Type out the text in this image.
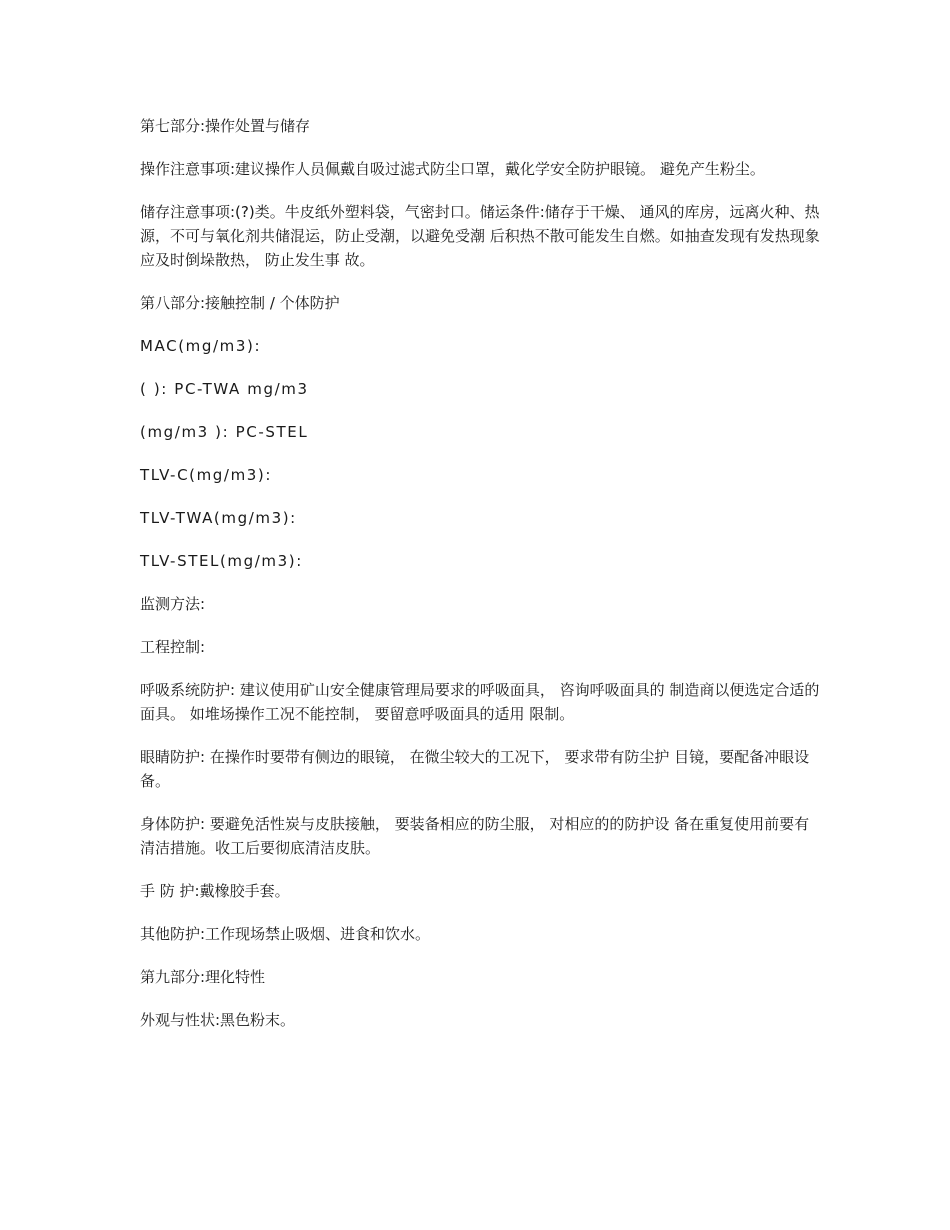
第七部分:操作处置与储存

操作注意事项:建议操作人员佩戴自吸过滤式防尘口罩，戴化学安全防护眼镜。 避免产生粉尘。

储存注意事项:(?)类。牛皮纸外塑料袋，气密封口。储运条件:储存于干燥、 通风的库房，远离火种、热源，不可与氧化剂共储混运，防止受潮，以避免受潮 后积热不散可能发生自燃。如抽查发现有发热现象应及时倒垛散热， 防止发生事 故。

第八部分:接触控制 / 个体防护

MAC(mg/m3):

( ): PC-TWA mg/m3

(mg/m3 ): PC-STEL

TLV-C(mg/m3):

TLV-TWA(mg/m3):

TLV-STEL(mg/m3):

监测方法:

工程控制:

呼吸系统防护: 建议使用矿山安全健康管理局要求的呼吸面具， 咨询呼吸面具的 制造商以便选定合适的面具。 如堆场操作工况不能控制， 要留意呼吸面具的适用 限制。

眼睛防护: 在操作时要带有侧边的眼镜， 在微尘较大的工况下， 要求带有防尘护 目镜，要配备冲眼设备。

身体防护: 要避免活性炭与皮肤接触， 要装备相应的防尘服， 对相应的的防护设 备在重复使用前要有清洁措施。收工后要彻底清洁皮肤。

手 防 护:戴橡胶手套。

其他防护:工作现场禁止吸烟、进食和饮水。

第九部分:理化特性

外观与性状:黑色粉末。
